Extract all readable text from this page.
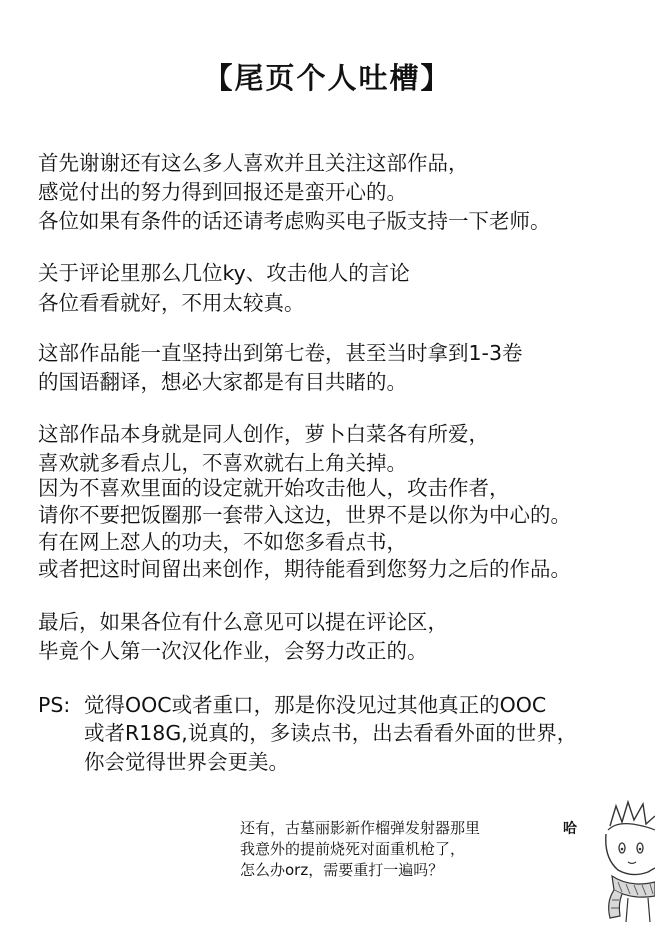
【尾页个人吐槽】
首先谢谢还有这么多人喜欢并且关注这部作品，
感觉付出的努力得到回报还是蛮开心的。
各位如果有条件的话还请考虑购买电子版支持一下老师。
关于评论里那么几位ky、攻击他人的言论
各位看看就好，不用太较真。
这部作品能一直坚持出到第七卷，甚至当时拿到1-3卷
的国语翻译，想必大家都是有目共睹的。
这部作品本身就是同人创作，萝卜白菜各有所爱，
喜欢就多看点儿，不喜欢就右上角关掉。
因为不喜欢里面的设定就开始攻击他人，攻击作者，
请你不要把饭圈那一套带入这边，世界不是以你为中心的。
有在网上怼人的功夫，不如您多看点书，
或者把这时间留出来创作，期待能看到您努力之后的作品。
最后，如果各位有什么意见可以提在评论区，
毕竟个人第一次汉化作业，会努力改正的。
PS: 觉得OOC或者重口，那是你没见过其他真正的OOC
或者R18G,说真的，多读点书，出去看看外面的世界，
你会觉得世界会更美。
还有，古墓丽影新作榴弹发射器那里
我意外的提前烧死对面重机枪了，
怎么办orz，需要重打一遍吗？
哈
